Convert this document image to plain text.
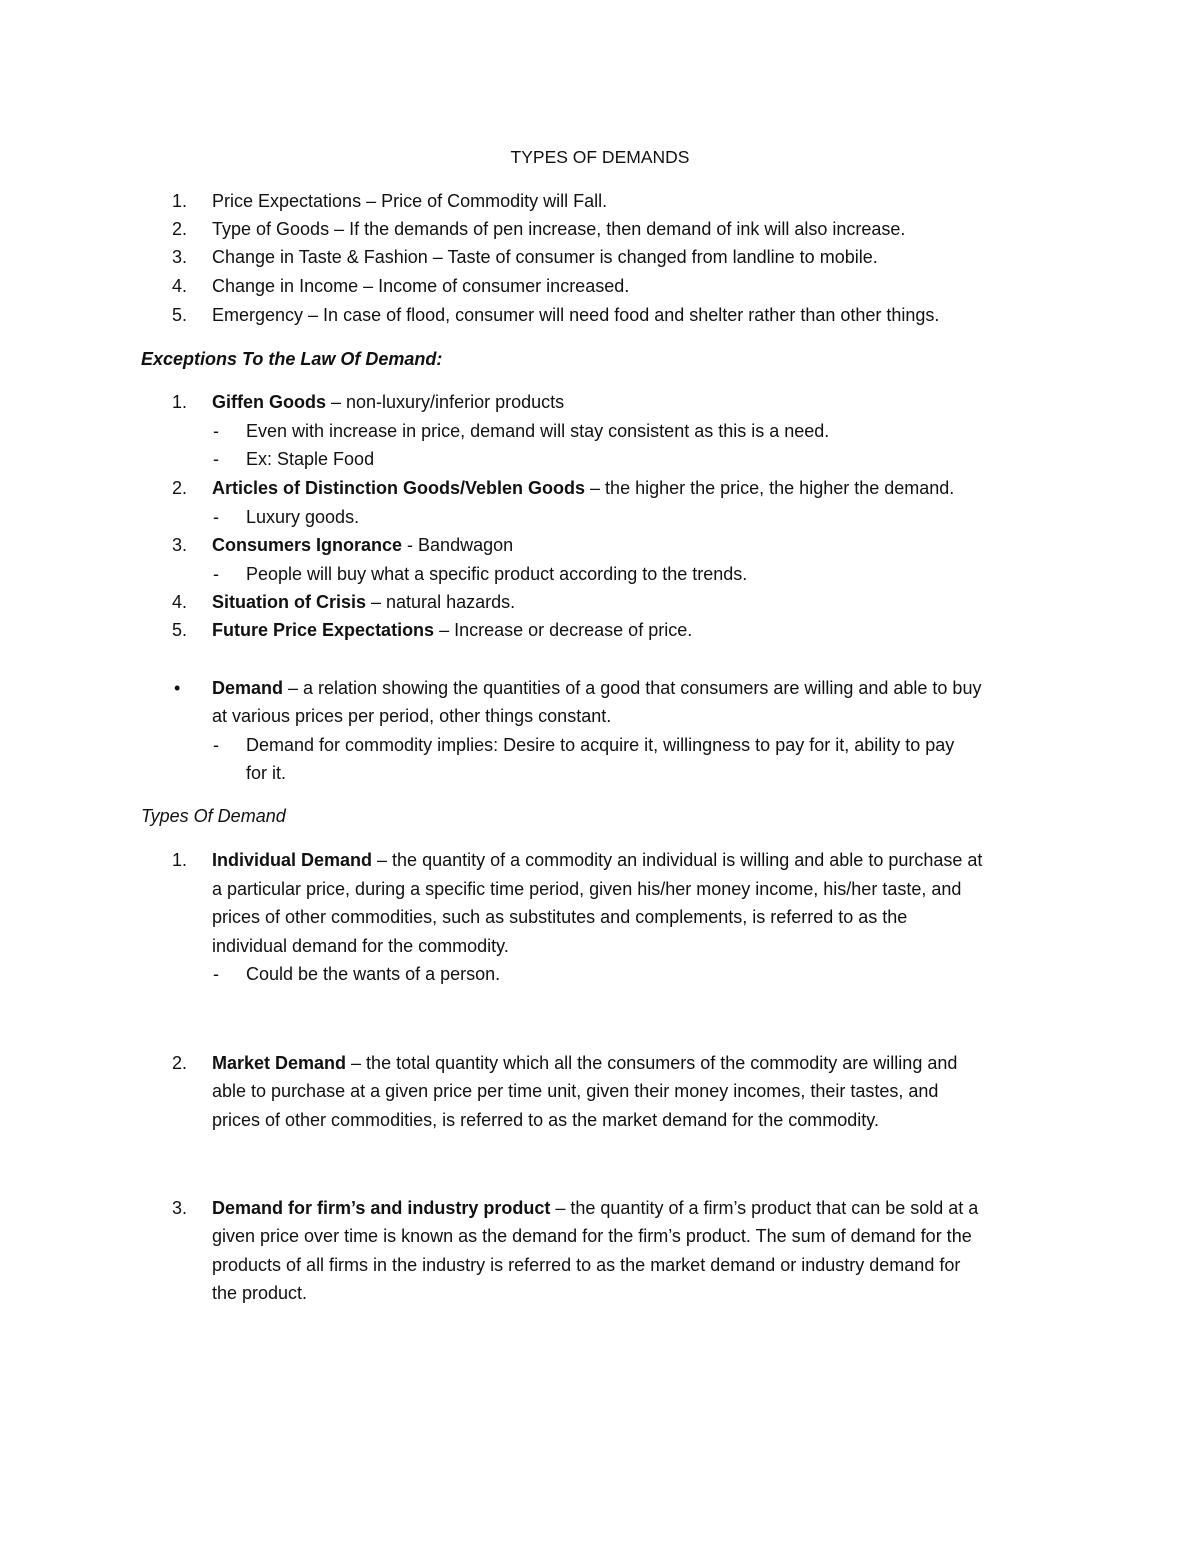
TYPES OF DEMANDS
1.	Price Expectations – Price of Commodity will Fall.
2.	Type of Goods – If the demands of pen increase, then demand of ink will also increase.
3.	Change in Taste & Fashion – Taste of consumer is changed from landline to mobile.
4.	Change in Income – Income of consumer increased.
5.	Emergency – In case of flood, consumer will need food and shelter rather than other things.
Exceptions To the Law Of Demand:
1.	Giffen Goods – non-luxury/inferior products
- Even with increase in price, demand will stay consistent as this is a need.
- Ex: Staple Food
2.	Articles of Distinction Goods/Veblen Goods – the higher the price, the higher the demand.
- Luxury goods.
3.	Consumers Ignorance - Bandwagon
- People will buy what a specific product according to the trends.
4.	Situation of Crisis – natural hazards.
5.	Future Price Expectations – Increase or decrease of price.
• Demand – a relation showing the quantities of a good that consumers are willing and able to buy
at various prices per period, other things constant.
- Demand for commodity implies: Desire to acquire it, willingness to pay for it, ability to pay
for it.
Types Of Demand
1.	Individual Demand – the quantity of a commodity an individual is willing and able to purchase at
a particular price, during a specific time period, given his/her money income, his/her taste, and
prices of other commodities, such as substitutes and complements, is referred to as the
individual demand for the commodity.
- Could be the wants of a person.
2.	Market Demand – the total quantity which all the consumers of the commodity are willing and
able to purchase at a given price per time unit, given their money incomes, their tastes, and
prices of other commodities, is referred to as the market demand for the commodity.
3.	Demand for firm’s and industry product – the quantity of a firm’s product that can be sold at a
given price over time is known as the demand for the firm’s product. The sum of demand for the
products of all firms in the industry is referred to as the market demand or industry demand for
the product.
